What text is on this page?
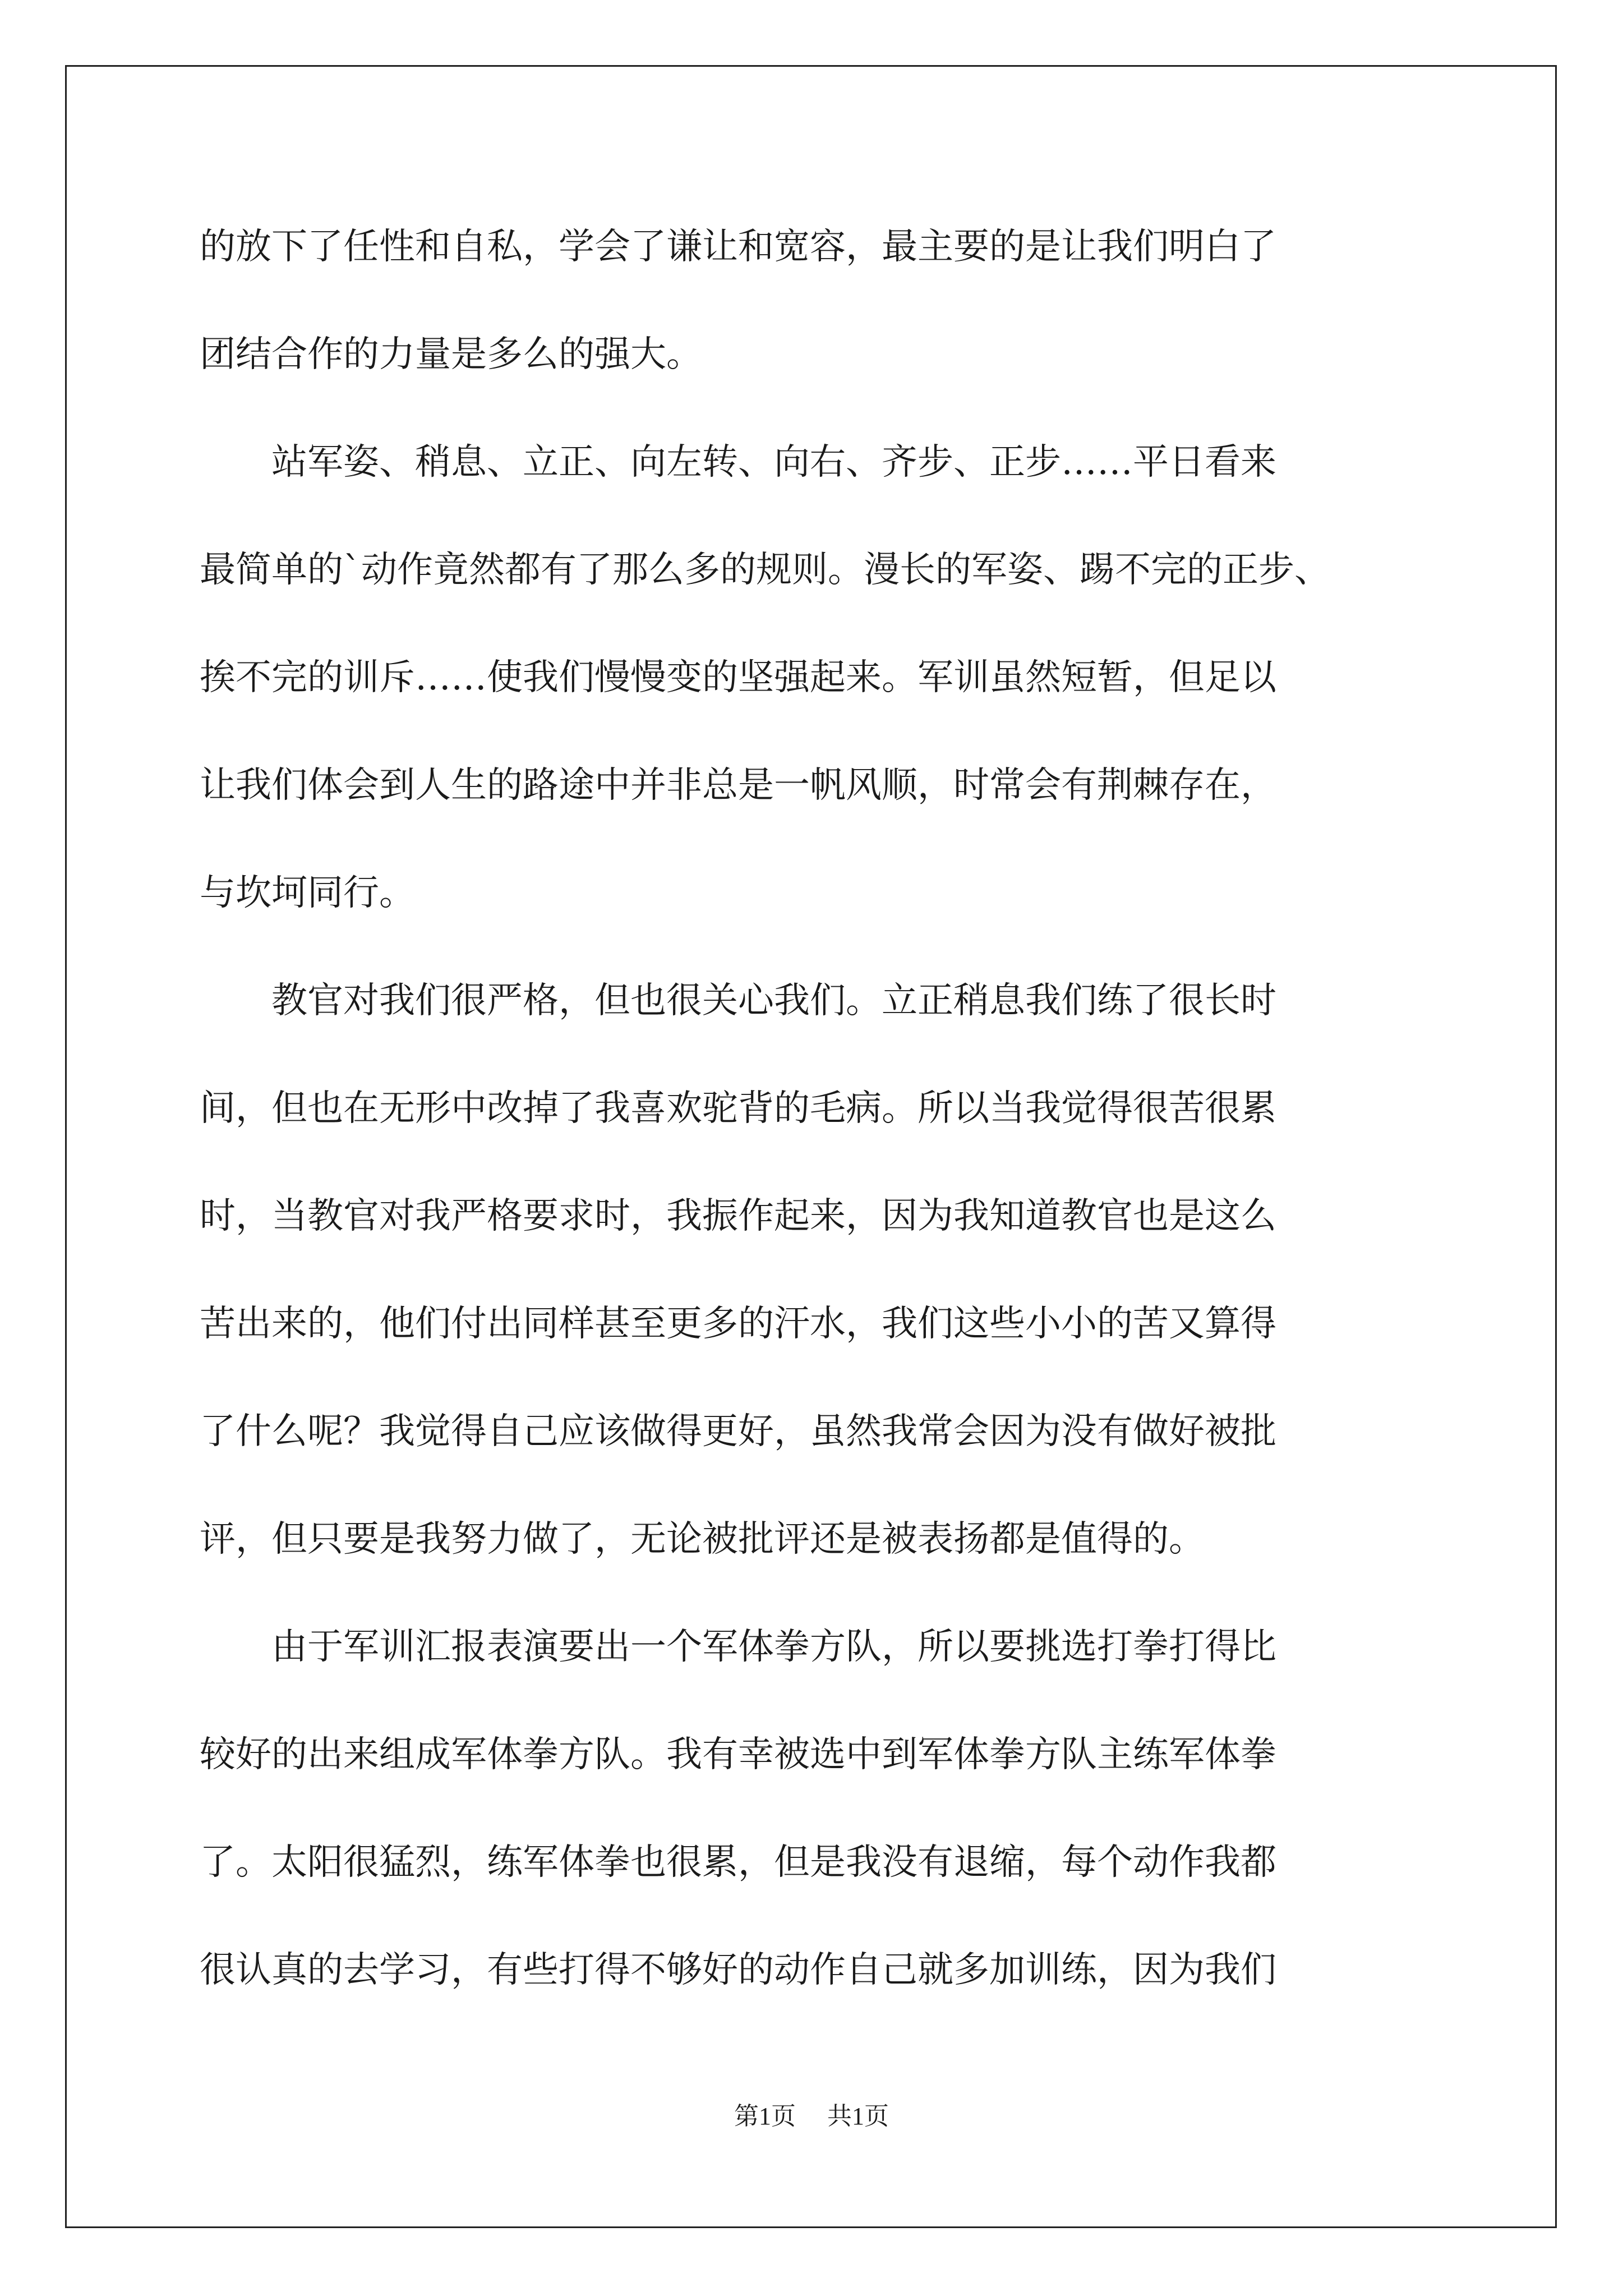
的放下了任性和自私，学会了谦让和宽容，最主要的是让我们明白了
团结合作的力量是多么的强大。
　　站军姿、稍息、立正、向左转、向右、齐步、正步……平日看来
最简单的`动作竟然都有了那么多的规则。漫长的军姿、踢不完的正步、
挨不完的训斥……使我们慢慢变的坚强起来。军训虽然短暂，但足以
让我们体会到人生的路途中并非总是一帆风顺，时常会有荆棘存在，
与坎坷同行。
　　教官对我们很严格，但也很关心我们。立正稍息我们练了很长时
间，但也在无形中改掉了我喜欢驼背的毛病。所以当我觉得很苦很累
时，当教官对我严格要求时，我振作起来，因为我知道教官也是这么
苦出来的，他们付出同样甚至更多的汗水，我们这些小小的苦又算得
了什么呢？我觉得自己应该做得更好，虽然我常会因为没有做好被批
评，但只要是我努力做了，无论被批评还是被表扬都是值得的。
　　由于军训汇报表演要出一个军体拳方队，所以要挑选打拳打得比
较好的出来组成军体拳方队。我有幸被选中到军体拳方队主练军体拳
了。太阳很猛烈，练军体拳也很累，但是我没有退缩，每个动作我都
很认真的去学习，有些打得不够好的动作自己就多加训练，因为我们
第1页 共1页
